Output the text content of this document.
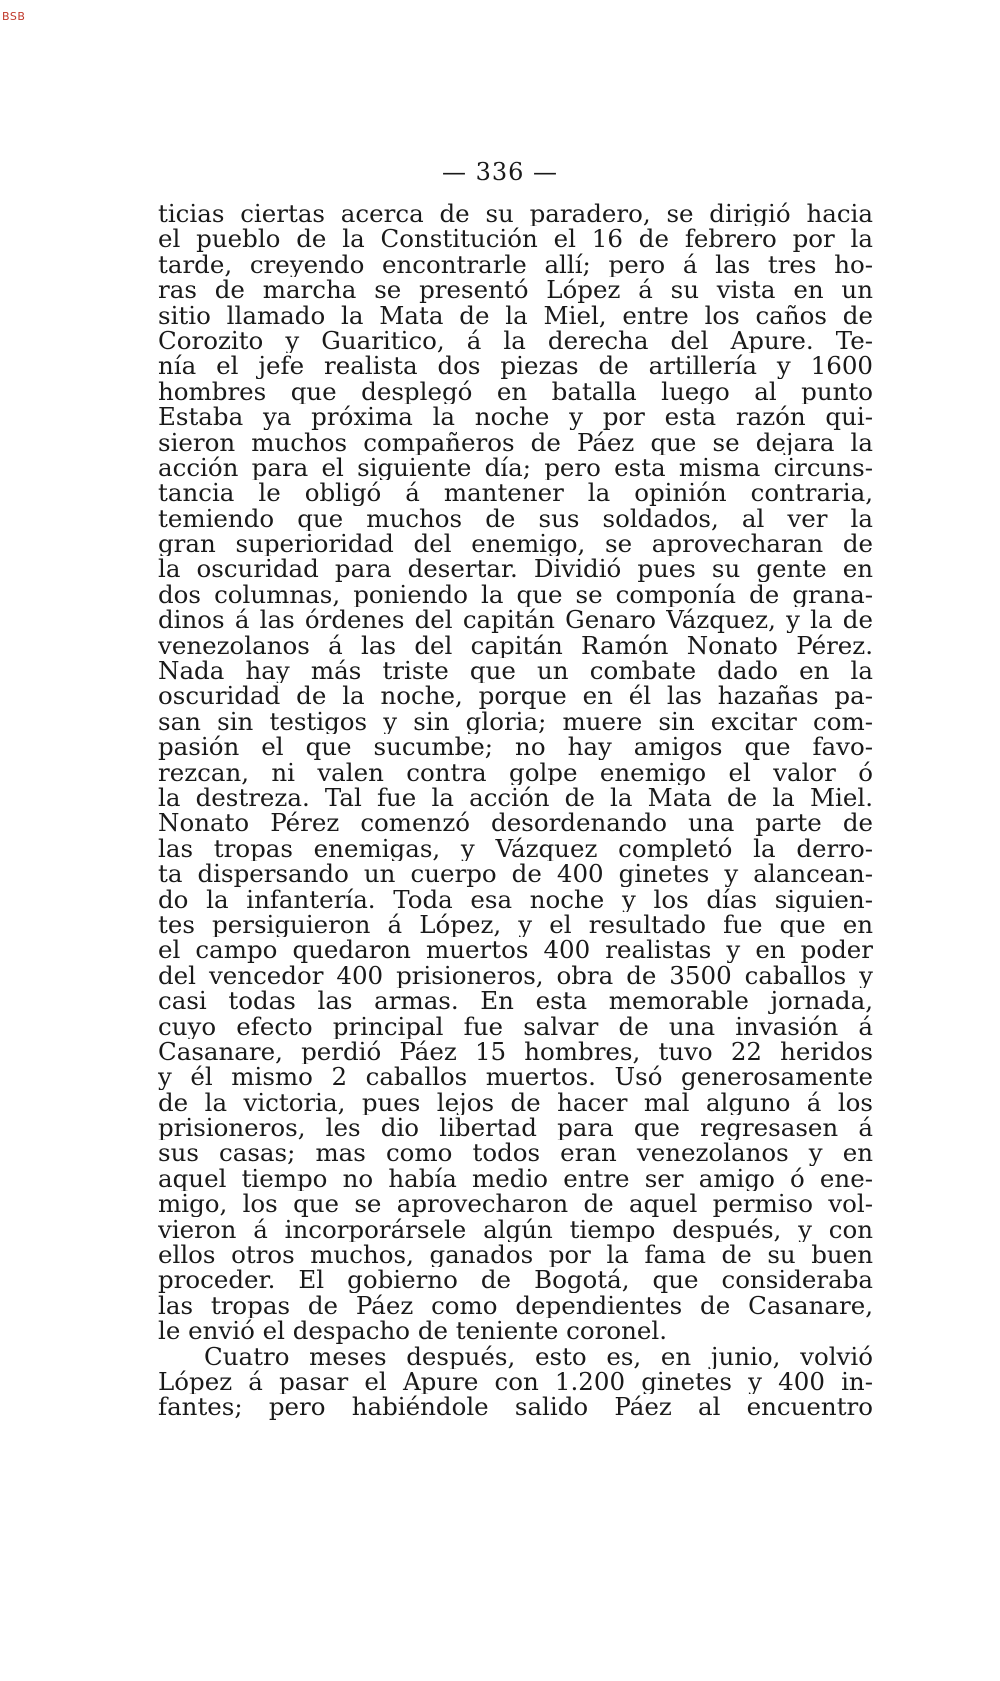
BSB
— 336 —
ticias ciertas acerca de su paradero, se dirigió hacia
el pueblo de la Constitución el 16 de febrero por la
tarde, creyendo encontrarle allí; pero á las tres ho-
ras de marcha se presentó López á su vista en un
sitio llamado la Mata de la Miel, entre los caños de
Corozito y Guaritico, á la derecha del Apure. Te-
nía el jefe realista dos piezas de artillería y 1600
hombres que desplegó en batalla luego al punto
Estaba ya próxima la noche y por esta razón qui-
sieron muchos compañeros de Páez que se dejara la
acción para el siguiente día; pero esta misma circuns-
tancia le obligó á mantener la opinión contraria,
temiendo que muchos de sus soldados, al ver la
gran superioridad del enemigo, se aprovecharan de
la oscuridad para desertar. Dividió pues su gente en
dos columnas, poniendo la que se componía de grana-
dinos á las órdenes del capitán Genaro Vázquez, y la de
venezolanos á las del capitán Ramón Nonato Pérez.
Nada hay más triste que un combate dado en la
oscuridad de la noche, porque en él las hazañas pa-
san sin testigos y sin gloria; muere sin excitar com-
pasión el que sucumbe; no hay amigos que favo-
rezcan, ni valen contra golpe enemigo el valor ó
la destreza. Tal fue la acción de la Mata de la Miel.
Nonato Pérez comenzó desordenando una parte de
las tropas enemigas, y Vázquez completó la derro-
ta dispersando un cuerpo de 400 ginetes y alancean-
do la infantería. Toda esa noche y los días siguien-
tes persiguieron á López, y el resultado fue que en
el campo quedaron muertos 400 realistas y en poder
del vencedor 400 prisioneros, obra de 3500 caballos y
casi todas las armas. En esta memorable jornada,
cuyo efecto principal fue salvar de una invasión á
Casanare, perdió Páez 15 hombres, tuvo 22 heridos
y él mismo 2 caballos muertos. Usó generosamente
de la victoria, pues lejos de hacer mal alguno á los
prisioneros, les dio libertad para que regresasen á
sus casas; mas como todos eran venezolanos y en
aquel tiempo no había medio entre ser amigo ó ene-
migo, los que se aprovecharon de aquel permiso vol-
vieron á incorporársele algún tiempo después, y con
ellos otros muchos, ganados por la fama de su buen
proceder. El gobierno de Bogotá, que consideraba
las tropas de Páez como dependientes de Casanare,
le envió el despacho de teniente coronel.
Cuatro meses después, esto es, en junio, volvió
López á pasar el Apure con 1.200 ginetes y 400 in-
fantes; pero habiéndole salido Páez al encuentro
